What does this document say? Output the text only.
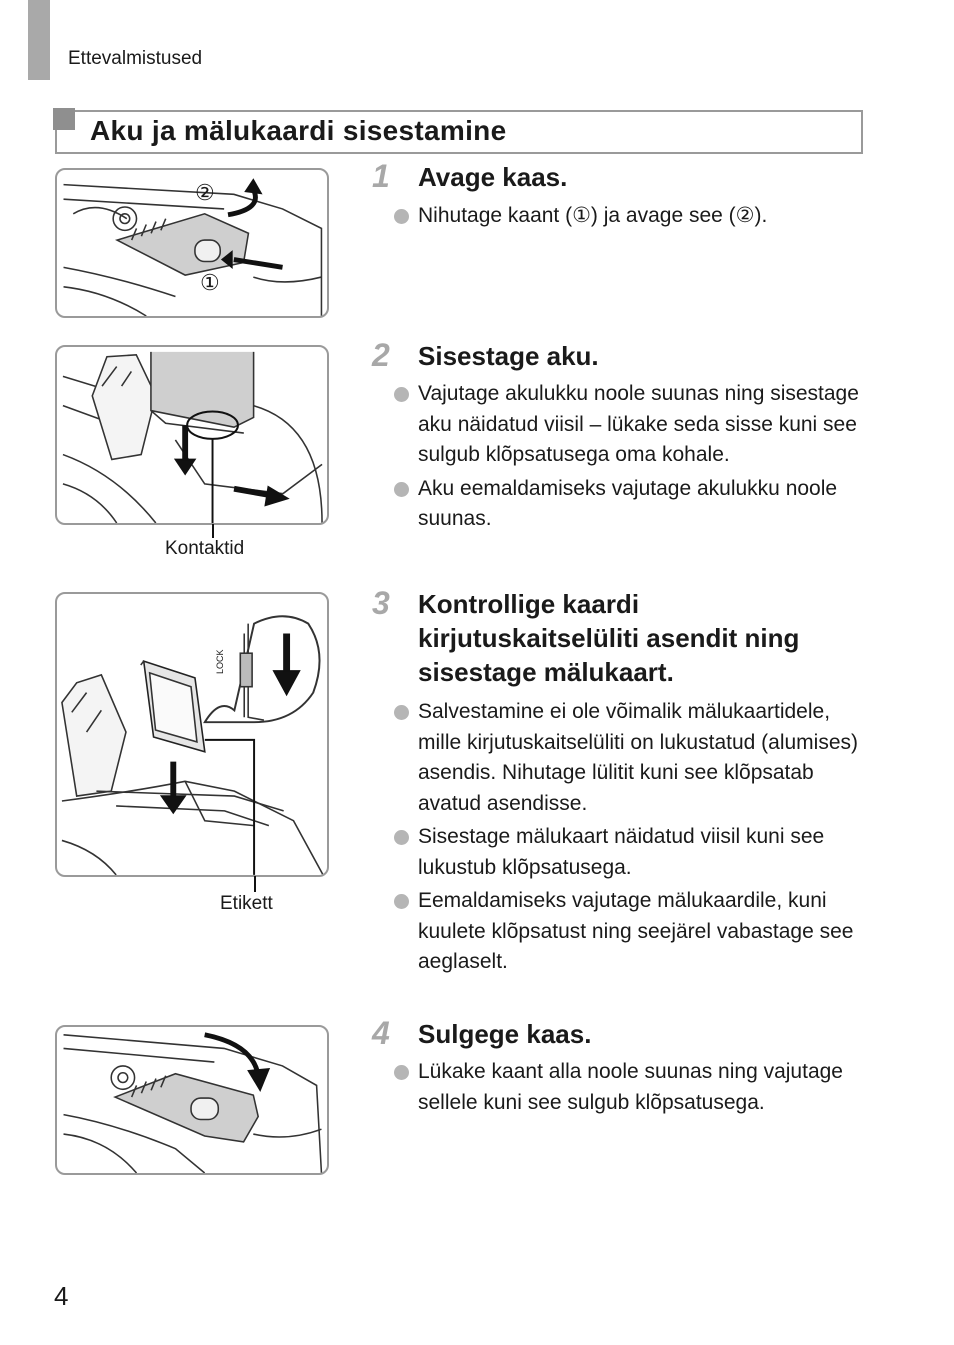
Ettevalmistused
Aku ja mälukaardi sisestamine
②
①
Kontaktid
LOCK
Etikett
1 Avage kaas.
Nihutage kaant (①) ja avage see (②).
2 Sisestage aku.
Vajutage akulukku noole suunas ning sisestage aku näidatud viisil – lükake seda sisse kuni see sulgub klõpsatusega oma kohale.
Aku eemaldamiseks vajutage akulukku noole suunas.
3 Kontrollige kaardi kirjutuskaitselüliti asendit ning sisestage mälukaart.
Salvestamine ei ole võimalik mälukaartidele, mille kirjutuskaitselüliti on lukustatud (alumises) asendis. Nihutage lülitit kuni see klõpsatab avatud asendisse.
Sisestage mälukaart näidatud viisil kuni see lukustub klõpsatusega.
Eemaldamiseks vajutage mälukaardile, kuni kuulete klõpsatust ning seejärel vabastage see aeglaselt.
4 Sulgege kaas.
Lükake kaant alla noole suunas ning vajutage sellele kuni see sulgub klõpsatusega.
4
